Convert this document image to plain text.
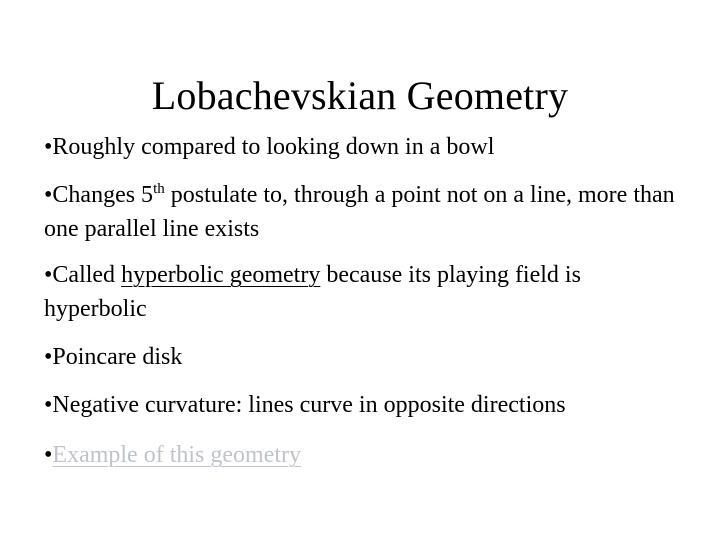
Lobachevskian Geometry
•Roughly compared to looking down in a bowl
•Changes 5th postulate to, through a point not on a line, more than one parallel line exists
•Called hyperbolic geometry because its playing field is hyperbolic
•Poincare disk
•Negative curvature: lines curve in opposite directions
•Example of this geometry
